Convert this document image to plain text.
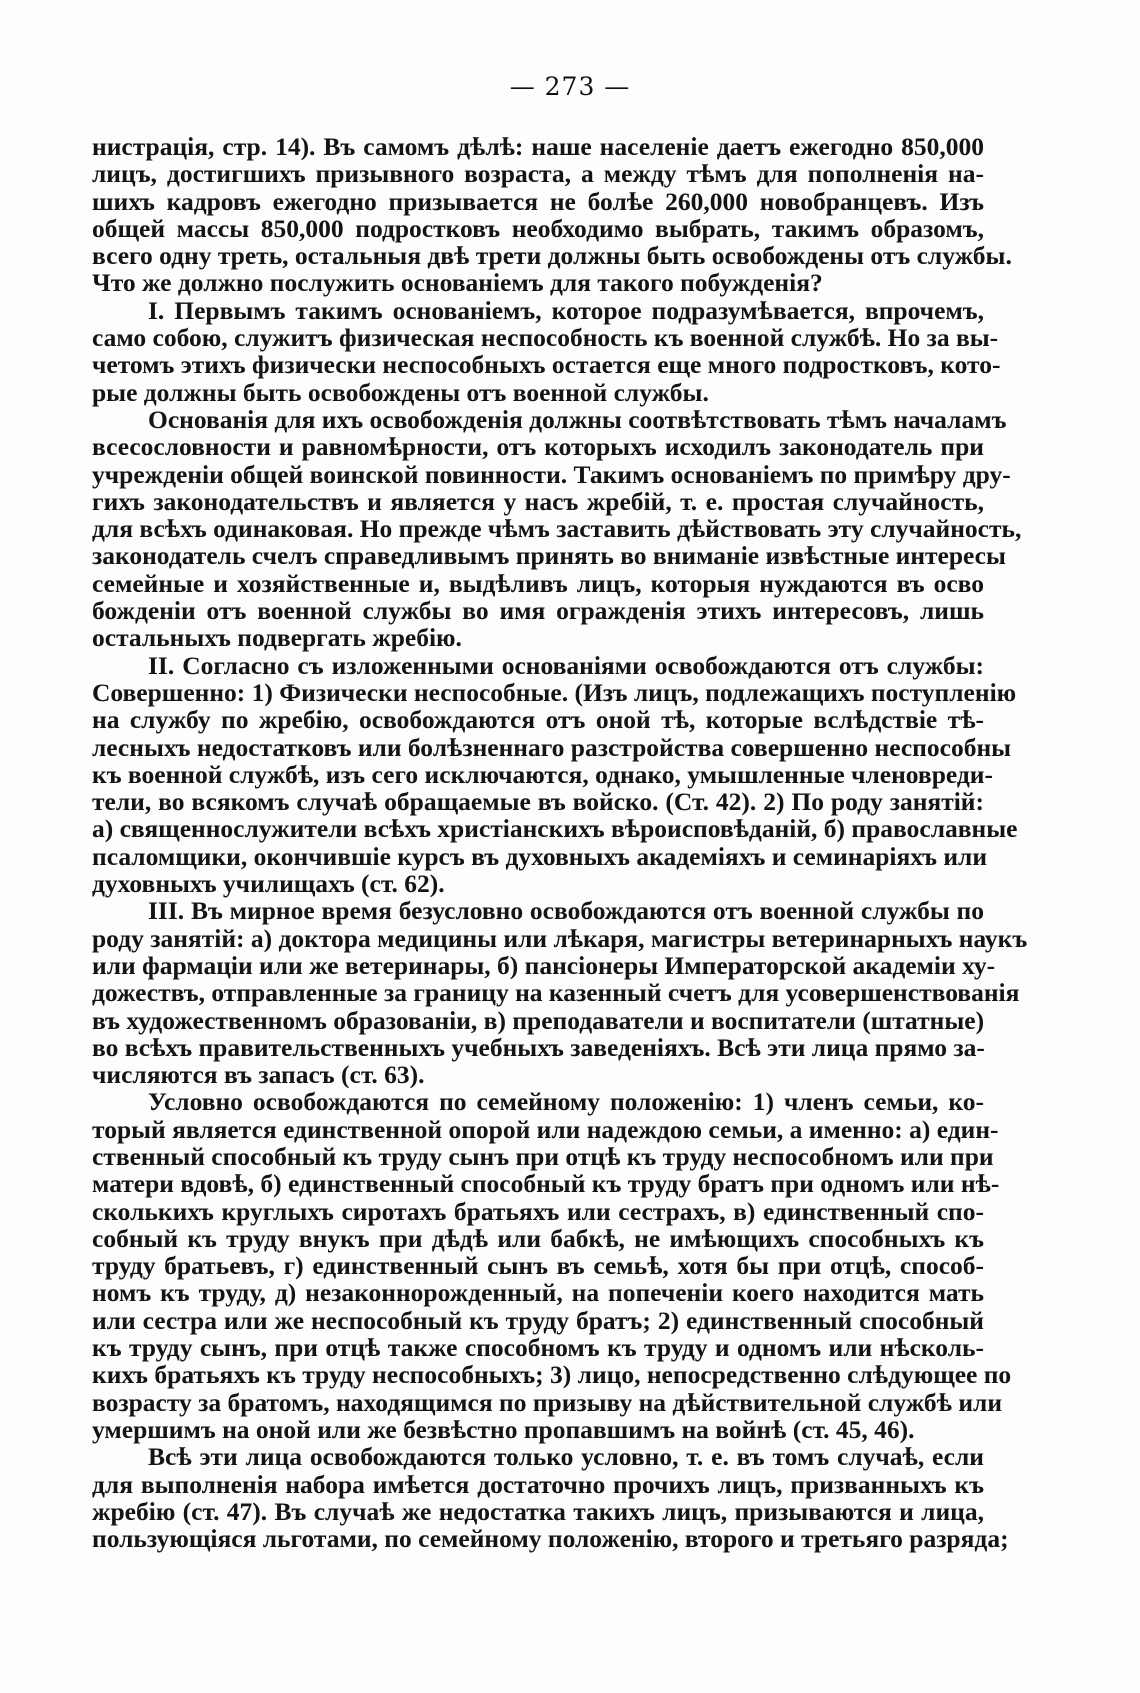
— 273 —
нистрація, стр. 14). Въ самомъ дѣлѣ: наше населеніе даетъ ежегодно 850,000
лицъ, достигшихъ призывного возраста, а между тѣмъ для пополненія на-
шихъ кадровъ ежегодно призывается не болѣе 260,000 новобранцевъ. Изъ
общей массы 850,000 подростковъ необходимо выбрать, такимъ образомъ,
всего одну треть, остальныя двѣ трети должны быть освобождены отъ службы.
Что же должно послужить основаніемъ для такого побужденія?
I. Первымъ такимъ основаніемъ, которое подразумѣвается, впрочемъ,
само собою, служитъ физическая неспособность къ военной службѣ. Но за вы-
четомъ этихъ физически неспособныхъ остается еще много подростковъ, кото-
рые должны быть освобождены отъ военной службы.
Основанія для ихъ освобожденія должны соотвѣтствовать тѣмъ началамъ
всесословности и равномѣрности, отъ которыхъ исходилъ законодатель при
учрежденіи общей воинской повинности. Такимъ основаніемъ по примѣру дру-
гихъ законодательствъ и является у насъ жребій, т. е. простая случайность,
для всѣхъ одинаковая. Но прежде чѣмъ заставить дѣйствовать эту случайность,
законодатель счелъ справедливымъ принять во вниманіе извѣстные интересы
семейные и хозяйственные и, выдѣливъ лицъ, которыя нуждаются въ осво
божденіи отъ военной службы во имя огражденія этихъ интересовъ, лишь
остальныхъ подвергать жребію.
II. Согласно съ изложенными основаніями освобождаются отъ службы:
Совершенно: 1) Физически неспособные. (Изъ лицъ, подлежащихъ поступленію
на службу по жребію, освобождаются отъ оной тѣ, которые вслѣдствіе тѣ-
лесныхъ недостатковъ или болѣзненнаго разстройства совершенно неспособны
къ военной службѣ, изъ сего исключаются, однако, умышленные членовреди-
тели, во всякомъ случаѣ обращаемые въ войско. (Ст. 42). 2) По роду занятій:
а) священнослужители всѣхъ христіанскихъ вѣроисповѣданій, б) православные
псаломщики, окончившіе курсъ въ духовныхъ академіяхъ и семинаріяхъ или
духовныхъ училищахъ (ст. 62).
III. Въ мирное время безусловно освобождаются отъ военной службы по
роду занятій: а) доктора медицины или лѣкаря, магистры ветеринарныхъ наукъ
или фармаціи или же ветеринары, б) пансіонеры Императорской академіи ху-
дожествъ, отправленные за границу на казенный счетъ для усовершенствованія
въ художественномъ образованіи, в) преподаватели и воспитатели (штатные)
во всѣхъ правительственныхъ учебныхъ заведеніяхъ. Всѣ эти лица прямо за-
числяются въ запасъ (ст. 63).
Условно освобождаются по семейному положенію: 1) членъ семьи, ко-
торый является единственной опорой или надеждою семьи, а именно: а) един-
ственный способный къ труду сынъ при отцѣ къ труду неспособномъ или при
матери вдовѣ, б) единственный способный къ труду братъ при одномъ или нѣ-
сколькихъ круглыхъ сиротахъ братьяхъ или сестрахъ, в) единственный спо-
собный къ труду внукъ при дѣдѣ или бабкѣ, не имѣющихъ способныхъ къ
труду братьевъ, г) единственный сынъ въ семьѣ, хотя бы при отцѣ, способ-
номъ къ труду, д) незаконнорожденный, на попеченіи коего находится мать
или сестра или же неспособный къ труду братъ; 2) единственный способный
къ труду сынъ, при отцѣ также способномъ къ труду и одномъ или нѣсколь-
кихъ братьяхъ къ труду неспособныхъ; 3) лицо, непосредственно слѣдующее по
возрасту за братомъ, находящимся по призыву на дѣйствительной службѣ или
умершимъ на оной или же безвѣстно пропавшимъ на войнѣ (ст. 45, 46).
Всѣ эти лица освобождаются только условно, т. е. въ томъ случаѣ, если
для выполненія набора имѣется достаточно прочихъ лицъ, призванныхъ къ
жребію (ст. 47). Въ случаѣ же недостатка такихъ лицъ, призываются и лица,
пользующіяся льготами, по семейному положенію, второго и третьяго разряда;
